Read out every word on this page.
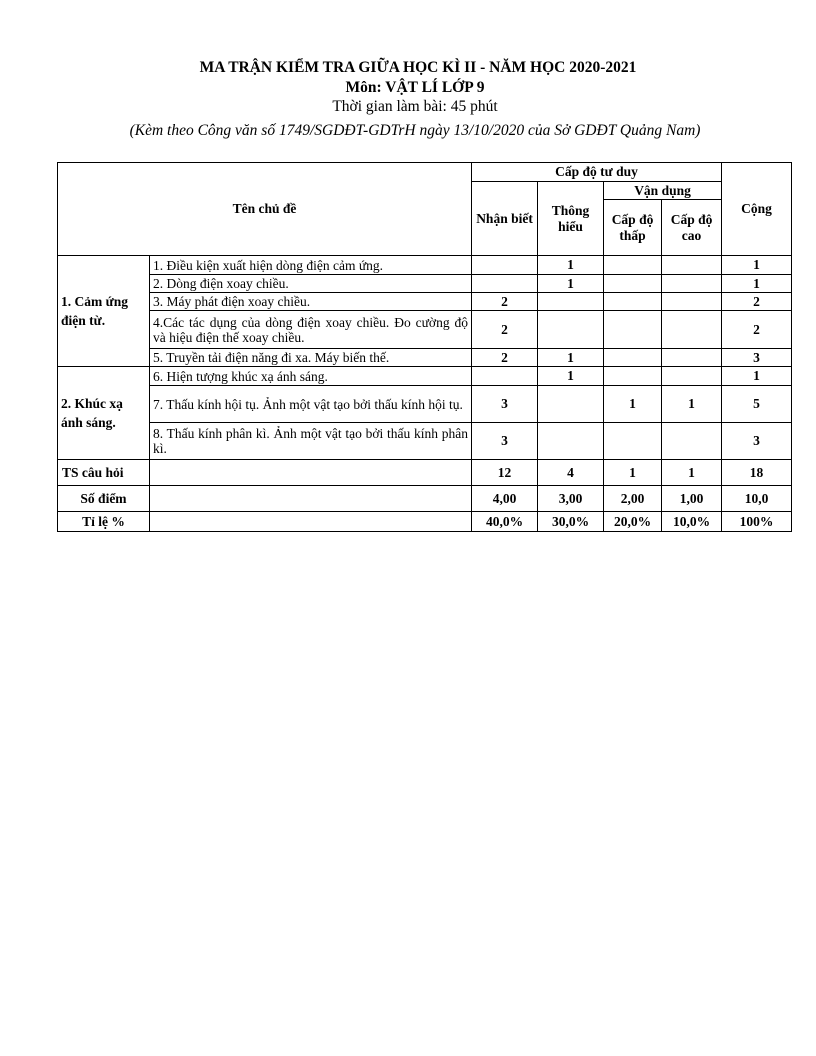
MA TRẬN KIỂM TRA GIỮA HỌC KÌ II - NĂM HỌC 2020-2021
Môn: VẬT LÍ LỚP 9
Thời gian làm bài: 45 phút
(Kèm theo Công văn số 1749/SGDĐT-GDTrH ngày 13/10/2020 của Sở GDĐT Quảng Nam)
Tên chủ đề		Cấp độ tư duy				Cộng
		Nhận biết	Thông hiểu	Vận dụng		
				Cấp độ thấp	Cấp độ cao	
1. Cảm ứng điện từ.	1. Điều kiện xuất hiện dòng điện cảm ứng.		1			1
	2. Dòng điện xoay chiều.		1			1
	3. Máy phát điện xoay chiều.	2				2
	4.Các tác dụng của dòng điện xoay chiều. Đo cường độ và hiệu điện thế xoay chiều.	2				2
	5. Truyền tải điện năng đi xa. Máy biến thế.	2	1			3
2. Khúc xạ ánh sáng.	6. Hiện tượng khúc xạ ánh sáng.		1			1
	7. Thấu kính hội tụ. Ảnh một vật tạo bởi thấu kính hội tụ.	3		1	1	5
	8. Thấu kính phân kì. Ảnh một vật tạo bởi thấu kính phân kì.	3				3
TS câu hỏi		12	4	1	1	18
Số điểm		4,00	3,00	2,00	1,00	10,0
Tỉ lệ %		40,0%	30,0%	20,0%	10,0%	100%
